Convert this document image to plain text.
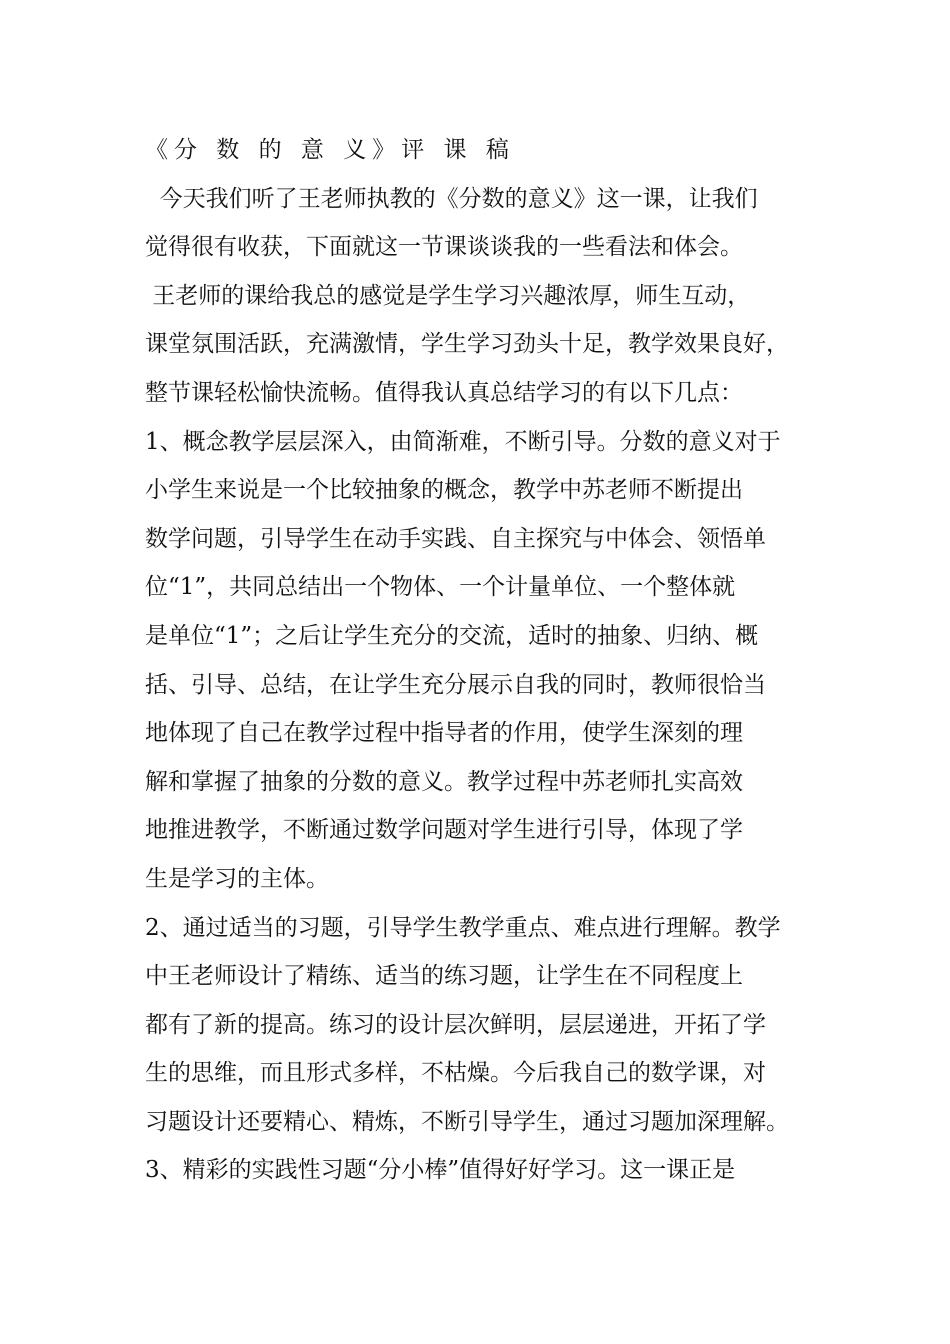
《分 数 的 意 义》评 课 稿
今天我们听了王老师执教的《分数的意义》这一课，让我们
觉得很有收获，下面就这一节课谈谈我的一些看法和体会。
王老师的课给我总的感觉是学生学习兴趣浓厚，师生互动，
课堂氛围活跃，充满激情，学生学习劲头十足，教学效果良好，
整节课轻松愉快流畅。值得我认真总结学习的有以下几点：
1、概念教学层层深入，由简渐难，不断引导。分数的意义对于
小学生来说是一个比较抽象的概念，教学中苏老师不断提出
数学问题，引导学生在动手实践、自主探究与中体会、领悟单
位“1”，共同总结出一个物体、一个计量单位、一个整体就
是单位“1”；之后让学生充分的交流，适时的抽象、归纳、概
括、引导、总结，在让学生充分展示自我的同时，教师很恰当
地体现了自己在教学过程中指导者的作用，使学生深刻的理
解和掌握了抽象的分数的意义。教学过程中苏老师扎实高效
地推进教学，不断通过数学问题对学生进行引导，体现了学
生是学习的主体。
2、通过适当的习题，引导学生教学重点、难点进行理解。教学
中王老师设计了精练、适当的练习题，让学生在不同程度上
都有了新的提高。练习的设计层次鲜明，层层递进，开拓了学
生的思维，而且形式多样，不枯燥。今后我自己的数学课，对
习题设计还要精心、精炼，不断引导学生，通过习题加深理解。
3、精彩的实践性习题“分小棒”值得好好学习。这一课正是
